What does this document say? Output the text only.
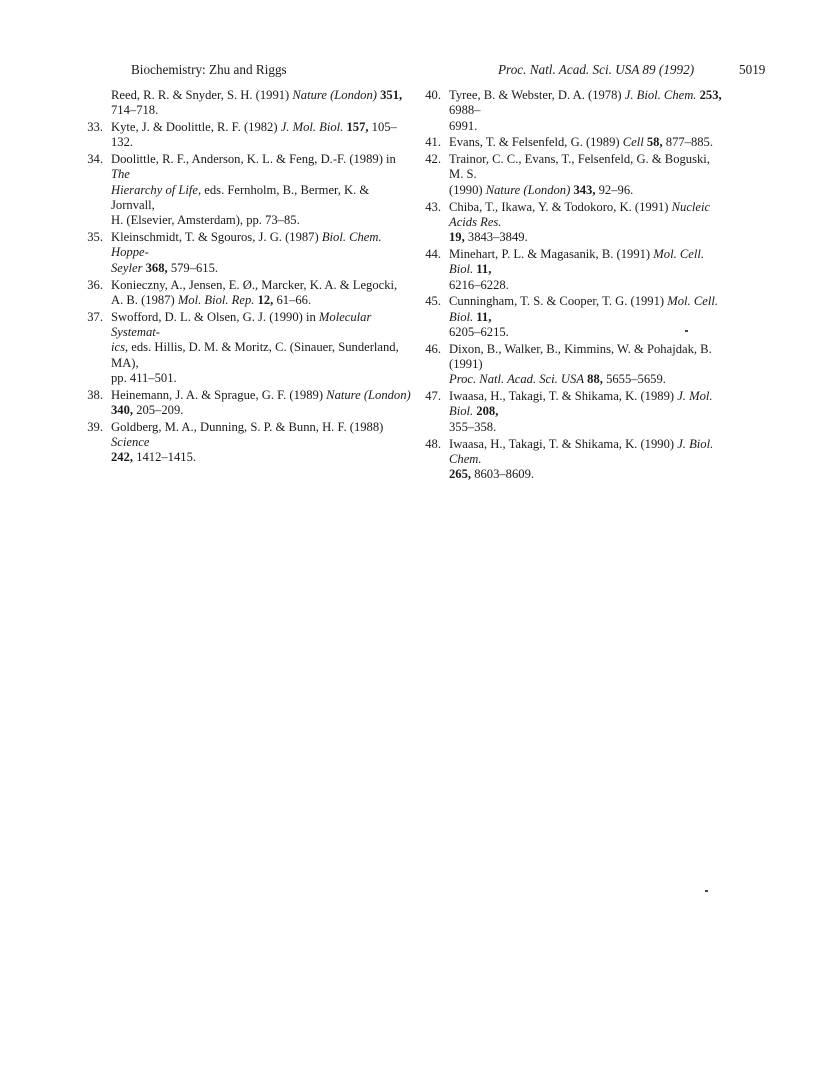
Biochemistry: Zhu and Riggs	Proc. Natl. Acad. Sci. USA 89 (1992)	5019
Reed, R. R. & Snyder, S. H. (1991) Nature (London) 351,
714–718.
33. Kyte, J. & Doolittle, R. F. (1982) J. Mol. Biol. 157, 105–132.
34. Doolittle, R. F., Anderson, K. L. & Feng, D.-F. (1989) in The
Hierarchy of Life, eds. Fernholm, B., Bermer, K. & Jornvall,
H. (Elsevier, Amsterdam), pp. 73–85.
35. Kleinschmidt, T. & Sgouros, J. G. (1987) Biol. Chem. Hoppe-
Seyler 368, 579–615.
36. Konieczny, A., Jensen, E. Ø., Marcker, K. A. & Legocki,
A. B. (1987) Mol. Biol. Rep. 12, 61–66.
37. Swofford, D. L. & Olsen, G. J. (1990) in Molecular Systemat-
ics, eds. Hillis, D. M. & Moritz, C. (Sinauer, Sunderland, MA),
pp. 411–501.
38. Heinemann, J. A. & Sprague, G. F. (1989) Nature (London)
340, 205–209.
39. Goldberg, M. A., Dunning, S. P. & Bunn, H. F. (1988) Science
242, 1412–1415.
40. Tyree, B. & Webster, D. A. (1978) J. Biol. Chem. 253, 6988–
6991.
41. Evans, T. & Felsenfeld, G. (1989) Cell 58, 877–885.
42. Trainor, C. C., Evans, T., Felsenfeld, G. & Boguski, M. S.
(1990) Nature (London) 343, 92–96.
43. Chiba, T., Ikawa, Y. & Todokoro, K. (1991) Nucleic Acids Res.
19, 3843–3849.
44. Minehart, P. L. & Magasanik, B. (1991) Mol. Cell. Biol. 11,
6216–6228.
45. Cunningham, T. S. & Cooper, T. G. (1991) Mol. Cell. Biol. 11,
6205–6215.
46. Dixon, B., Walker, B., Kimmins, W. & Pohajdak, B. (1991)
Proc. Natl. Acad. Sci. USA 88, 5655–5659.
47. Iwaasa, H., Takagi, T. & Shikama, K. (1989) J. Mol. Biol. 208,
355–358.
48. Iwaasa, H., Takagi, T. & Shikama, K. (1990) J. Biol. Chem.
265, 8603–8609.
